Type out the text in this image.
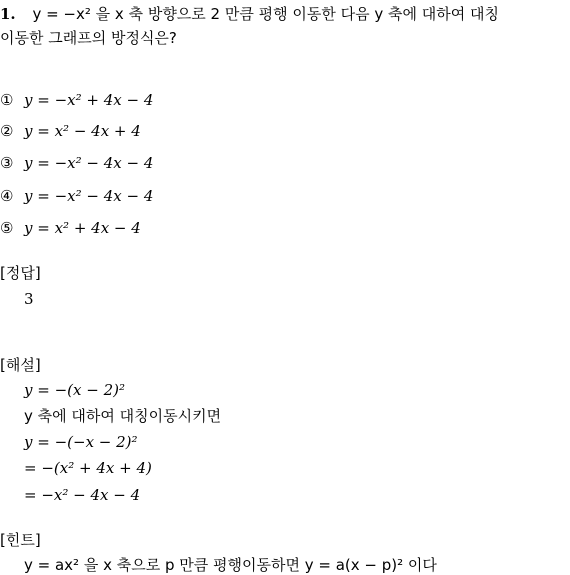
1. y = −x² 을 x 축 방향으로 2 만큼 평행 이동한 다음 y 축에 대하여 대칭
이동한 그래프의 방정식은?
① y = −x² + 4x − 4
② y = x² − 4x + 4
③ y = −x² − 4x − 4
④ y = −x² − 4x − 4
⑤ y = x² + 4x − 4
[정답]
3
[해설]
y = −(x − 2)²
y 축에 대하여 대칭이동시키면
y = −(−x − 2)²
= −(x² + 4x + 4)
= −x² − 4x − 4
[힌트]
y = ax² 을 x 축으로 p 만큼 평행이동하면 y = a(x − p)² 이다
